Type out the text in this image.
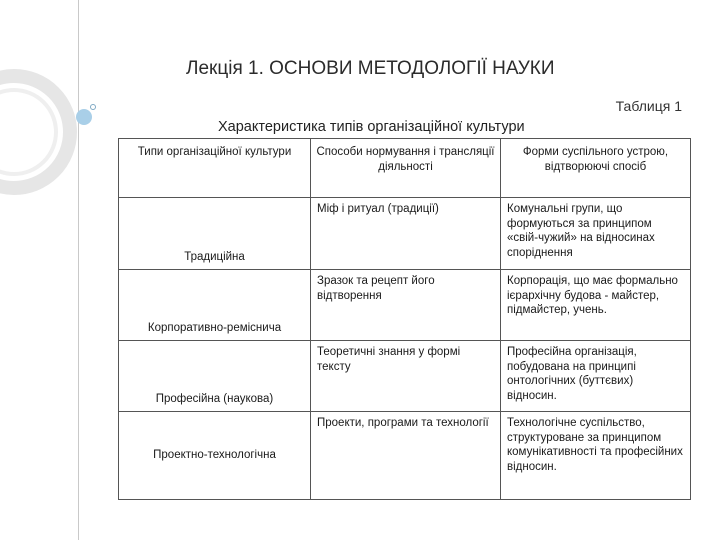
Лекція 1. ОСНОВИ МЕТОДОЛОГІЇ НАУКИ
Таблиця 1
Характеристика типів організаційної культури
Типи організаційної культури	Способи нормування і трансляції діяльності	Форми суспільного устрою, відтворюючі спосіб
Традиційна	Міф і ритуал (традиції)	Комунальні групи, що формуються за принципом «свій-чужий» на відносинах споріднення
Корпоративно-реміснича	Зразок та рецепт його відтворення	Корпорація, що має формально ієрархічну будова - майстер, підмайстер, учень.
Професійна (наукова)	Теоретичні знання у формі тексту	Професійна організація, побудована на принципі онтологічних (буттєвих) відносин.
Проектно-технологічна	Проекти, програми та технології	Технологічне суспільство, структуроване за принципом комунікативності та професійних відносин.
